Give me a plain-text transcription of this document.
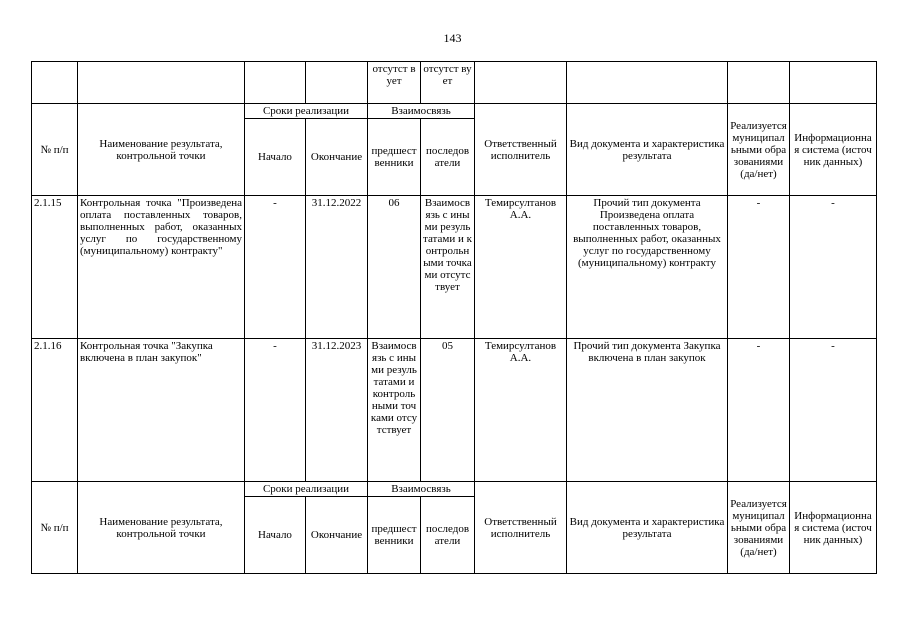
143
				отсутст вует	отсутст вует				
№ п/п	Наименование результата, контрольной точки	Сроки реализации		Взаимосвязь		Ответственный исполнитель	Вид документа и характеристика результата	Реализуется муниципальными образованиями (да/нет)	Информационная система (источник данных)
		Начало	Окончание	предшест венники	последов атели				
2.1.15	Контрольная точка "Произведена оплата поставленных товаров, выполненных работ, оказанных услуг по государственному (муниципальному) контракту"	-	31.12.2022	06	Взаимосвязь с иными результатами и контрольными точками отсутствует	Темирсултанов А.А.	Прочий тип документа Произведена оплата поставленных товаров, выполненных работ, оказанных услуг по государственному (муниципальному) контракту	-	-
2.1.16	Контрольная точка "Закупка включена в план закупок"	-	31.12.2023	Взаимосвязь с иными результатами и контрольными точками отсутствует	05	Темирсултанов А.А.	Прочий тип документа Закупка включена в план закупок	-	-
№ п/п	Наименование результата, контрольной точки	Сроки реализации		Взаимосвязь		Ответственный исполнитель	Вид документа и характеристика результата	Реализуется муниципальными образованиями (да/нет)	Информационная система (источник данных)
		Начало	Окончание	предшест венники	последов атели				
